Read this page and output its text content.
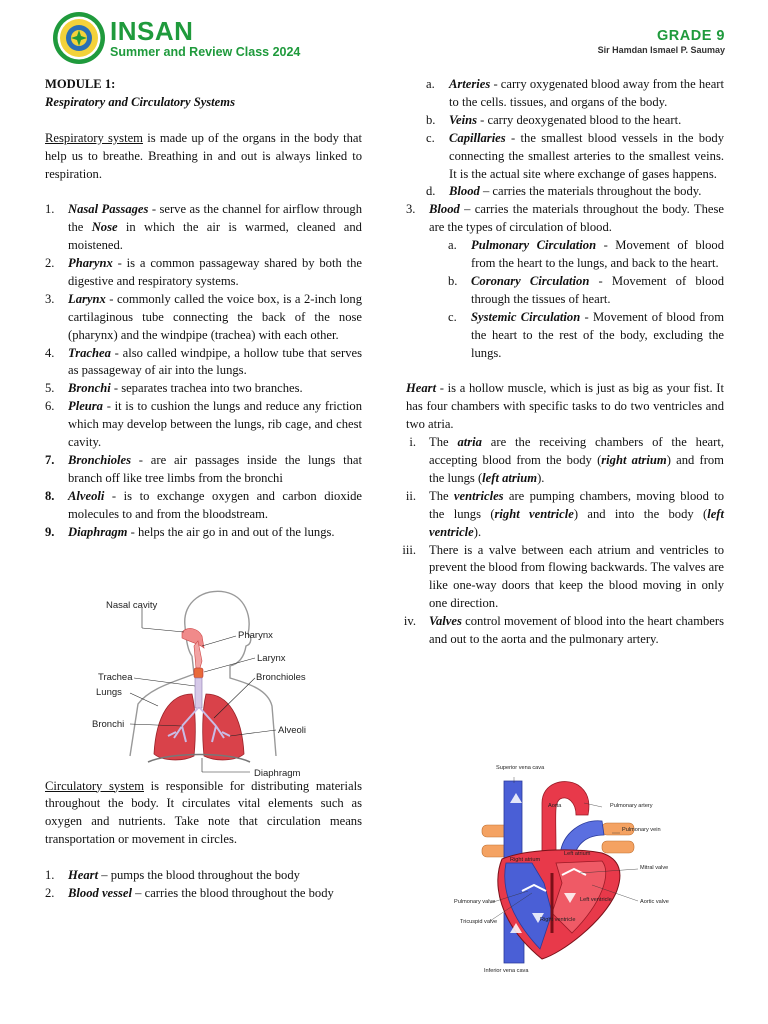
INSAN
Summer and Review Class 2024
GRADE 9
Sir Hamdan Ismael P. Saumay

MODULE 1:

Respiratory and Circulatory Systems

Respiratory system is made up of the organs in the body that help us to breathe. Breathing in and out is always linked to respiration.

1. Nasal Passages - serve as the channel for airflow through the Nose in which the air is warmed, cleaned and moistened.
2. Pharynx - is a common passageway shared by both the digestive and respiratory systems.
3. Larynx - commonly called the voice box, is a 2-inch long cartilaginous tube connecting the back of the nose (pharynx) and the windpipe (trachea) with each other.
4. Trachea - also called windpipe, a hollow tube that serves as passageway of air into the lungs.
5. Bronchi - separates trachea into two branches.
6. Pleura - it is to cushion the lungs and reduce any friction which may develop between the lungs, rib cage, and chest cavity.
7. Bronchioles - are air passages inside the lungs that branch off like tree limbs from the bronchi
8. Alveoli - is to exchange oxygen and carbon dioxide molecules to and from the bloodstream.
9. Diaphragm - helps the air go in and out of the lungs.

Circulatory system is responsible for distributing materials throughout the body. It circulates vital elements such as oxygen and nutrients. Take note that circulation means transportation or movement in circles.

1. Heart – pumps the blood throughout the body
2. Blood vessel – carries the blood throughout the body
Nasal cavity
Pharynx
Larynx
Trachea	Bronchioles
Lungs
Bronchi
Alveoli
Diaphragm
a. Arteries - carry oxygenated blood away from the heart to the cells. tissues, and organs of the body.
b. Veins - carry deoxygenated blood to the heart.
c. Capillaries - the smallest blood vessels in the body connecting the smallest arteries to the smallest veins. It is the actual site where exchange of gases happens.
d. Blood – carries the materials throughout the body.
3. Blood – carries the materials throughout the body. These are the types of circulation of blood.
a. Pulmonary Circulation - Movement of blood from the heart to the lungs, and back to the heart.
b. Coronary Circulation - Movement of blood through the tissues of heart.
c. Systemic Circulation - Movement of blood from the heart to the rest of the body, excluding the lungs.

Heart - is a hollow muscle, which is just as big as your fist. It has four chambers with specific tasks to do two ventricles and two atria.

i. The atria are the receiving chambers of the heart, accepting blood from the body (right atrium) and from the lungs (left atrium).
ii. The ventricles are pumping chambers, moving blood to the lungs (right ventricle) and into the body (left ventricle).
iii. There is a valve between each atrium and ventricles to prevent the blood from flowing backwards. The valves are like one-way doors that keep the blood moving in only one direction.
iv. Valves control movement of blood into the heart chambers and out to the aorta and the pulmonary artery.
Superior vena cava
Aorta	Pulmonary artery
Pulmonary vein
Left atrium
Right atrium
Mitral valve
Aortic valve
Left ventricle
Right ventricle
Pulmonary valve
Tricuspid valve
Inferior vena cava
